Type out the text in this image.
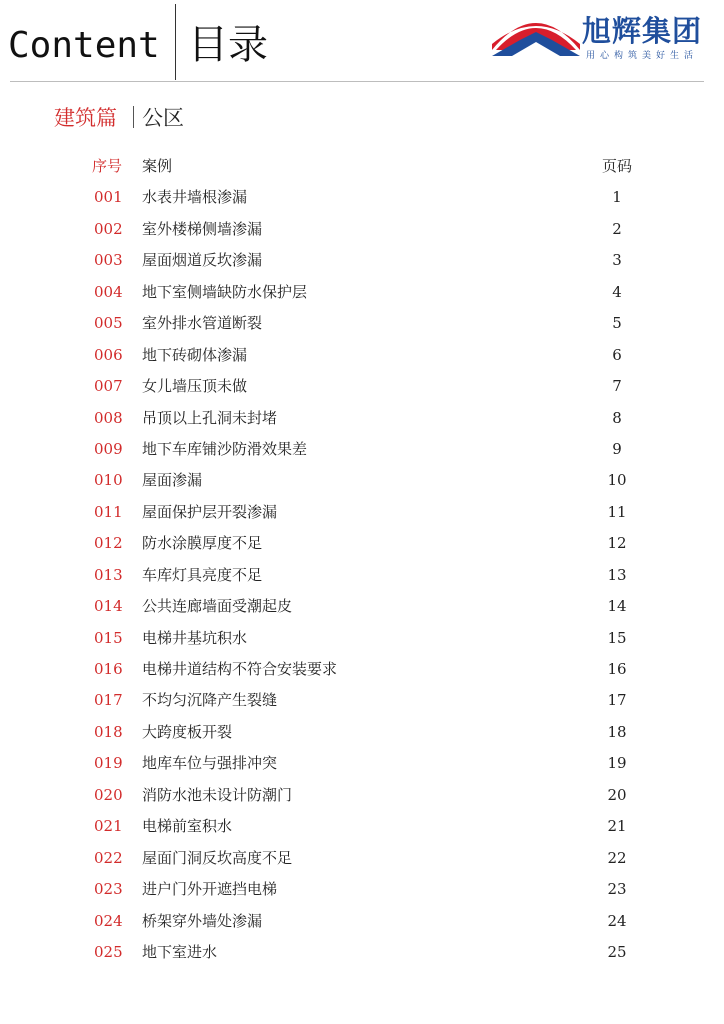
Content 目录	旭辉集团
用心构筑美好生活
建筑篇 公区
序号	案例	页码
001	水表井墙根渗漏	1
002	室外楼梯侧墙渗漏	2
003	屋面烟道反坎渗漏	3
004	地下室侧墙缺防水保护层	4
005	室外排水管道断裂	5
006	地下砖砌体渗漏	6
007	女儿墙压顶未做	7
008	吊顶以上孔洞未封堵	8
009	地下车库铺沙防滑效果差	9
010	屋面渗漏	10
011	屋面保护层开裂渗漏	11
012	防水涂膜厚度不足	12
013	车库灯具亮度不足	13
014	公共连廊墙面受潮起皮	14
015	电梯井基坑积水	15
016	电梯井道结构不符合安装要求	16
017	不均匀沉降产生裂缝	17
018	大跨度板开裂	18
019	地库车位与强排冲突	19
020	消防水池未设计防潮门	20
021	电梯前室积水	21
022	屋面门洞反坎高度不足	22
023	进户门外开遮挡电梯	23
024	桥架穿外墙处渗漏	24
025	地下室进水	25
